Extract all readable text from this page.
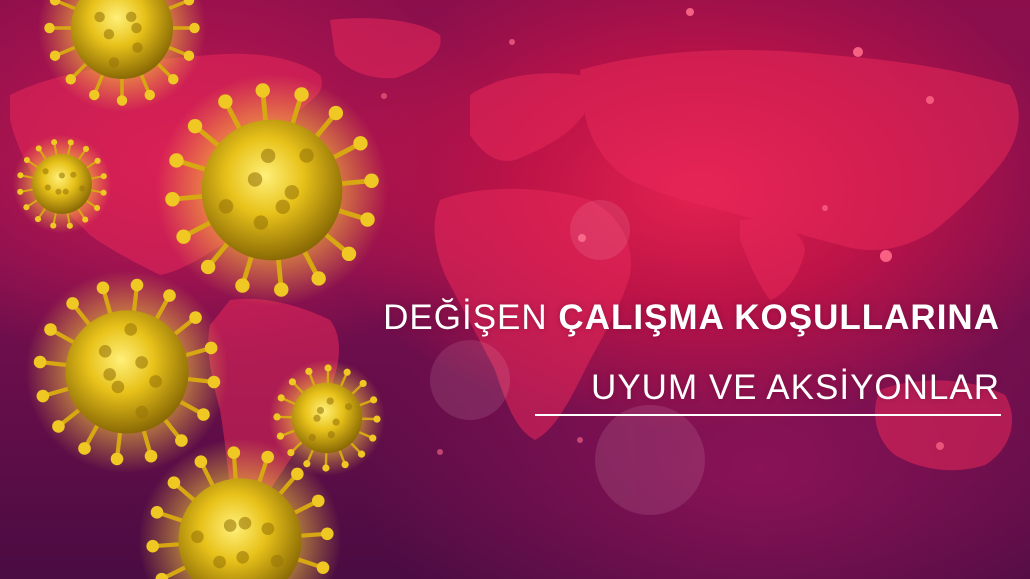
DEĞİŞEN ÇALIŞMA KOŞULLARINA
UYUM VE AKSİYONLAR
